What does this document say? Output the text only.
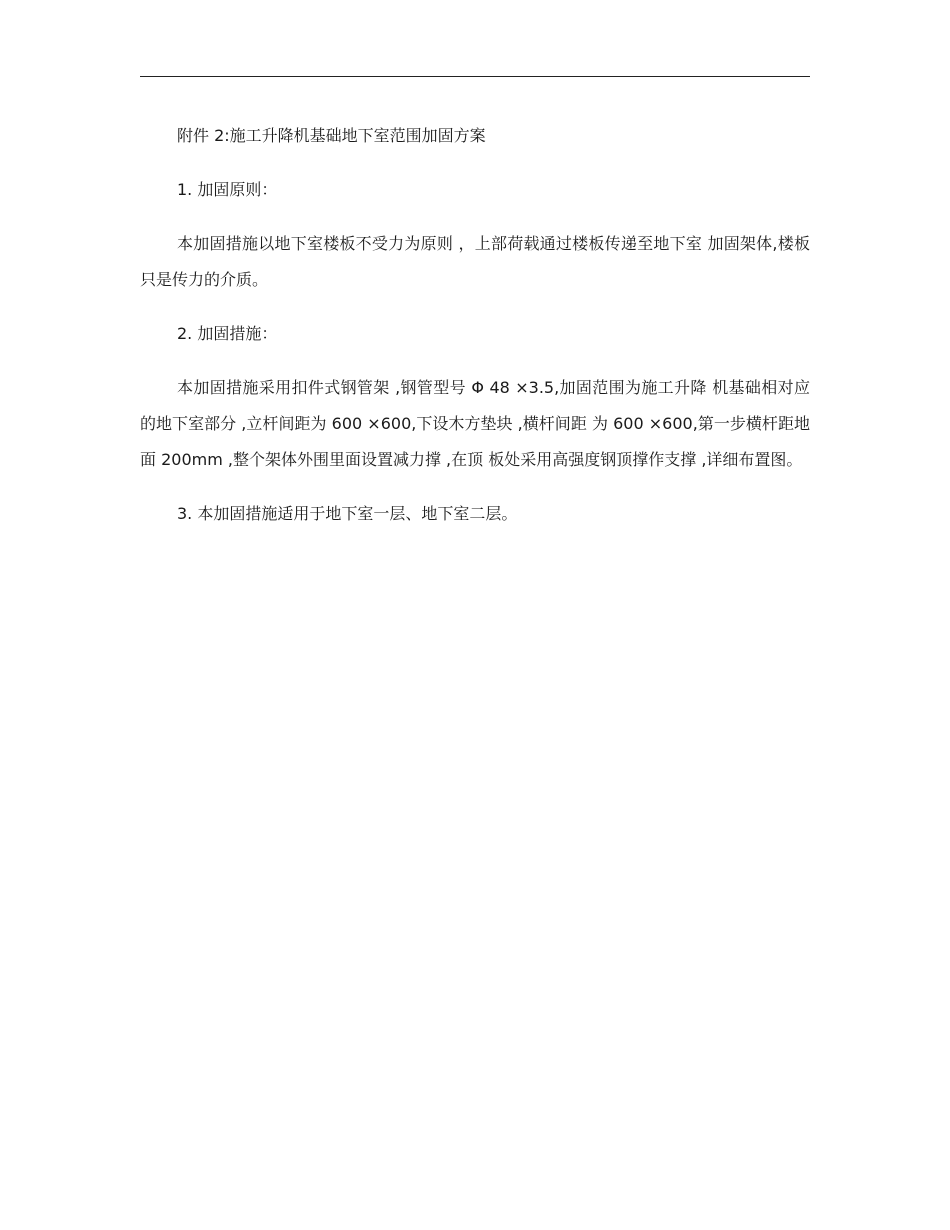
附件 2:施工升降机基础地下室范围加固方案

1. 加固原则：

本加固措施以地下室楼板不受力为原则 ，上部荷载通过楼板传递至地下室 加固架体,楼板只是传力的介质。

2. 加固措施：

本加固措施采用扣件式钢管架 ,钢管型号 Φ 48 ×3.5,加固范围为施工升降 机基础相对应的地下室部分 ,立杆间距为 600 ×600,下设木方垫块 ,横杆间距 为 600 ×600,第一步横杆距地面 200mm ,整个架体外围里面设置减力撑 ,在顶 板处采用高强度钢顶撑作支撑 ,详细布置图。

3. 本加固措施适用于地下室一层、地下室二层。
